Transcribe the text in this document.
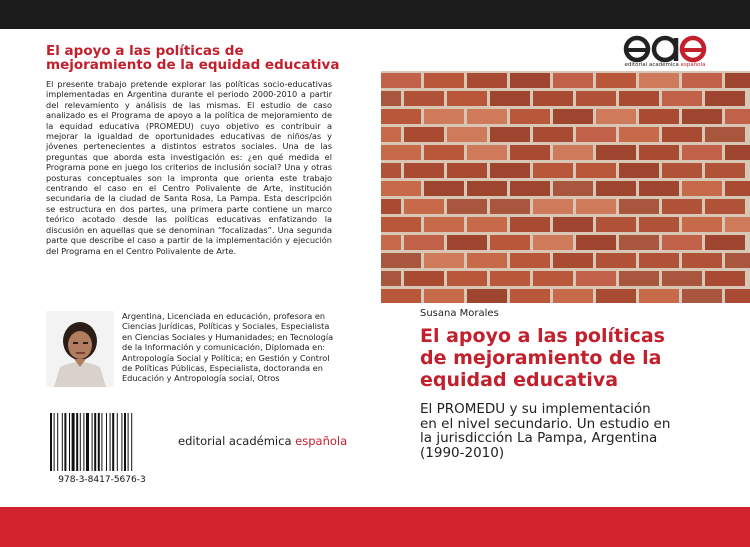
El apoyo a las políticas de
mejoramiento de la equidad educativa
El presente trabajo pretende explorar las políticas socio-educativas implementadas en Argentina durante el periodo 2000-2010 a partir del relevamiento y análisis de las mismas. El estudio de caso analizado es el Programa de apoyo a la política de mejoramiento de la equidad educativa (PROMEDU) cuyo objetivo es contribuir a mejorar la igualdad de oportunidades educativas de niños/as y jóvenes pertenecientes a distintos estratos sociales. Una de las preguntas que aborda esta investigación es: ¿en qué medida el Programa pone en juego los criterios de inclusión social? Una y otras posturas conceptuales son la impronta que orienta este trabajo centrando el caso en el Centro Polivalente de Arte, institución secundaria de la ciudad de Santa Rosa, La Pampa. Esta descripción se estructura en dos partes, una primera parte contiene un marco teórico acotado desde las políticas educativas enfatizando la discusión en aquellas que se denominan “focalizadas”. Una segunda parte que describe el caso a partir de la implementación y ejecución del Programa en el Centro Polivalente de Arte.
Argentina, Licenciada en educación, profesora en Ciencias Jurídicas, Políticas y Sociales, Especialista en Ciencias Sociales y Humanidades; en Tecnología de la Información y comunicación, Diplomada en: Antropología Social y Política; en Gestión y Control de Políticas Públicas, Especialista, doctoranda en Educación y Antropología social, Otros
978-3-8417-5676-3
editorial académica española
editorial académica española
Susana Morales
El apoyo a las políticas
de mejoramiento de la
equidad educativa
El PROMEDU y su implementación
en el nivel secundario. Un estudio en
la jurisdicción La Pampa, Argentina
(1990-2010)
